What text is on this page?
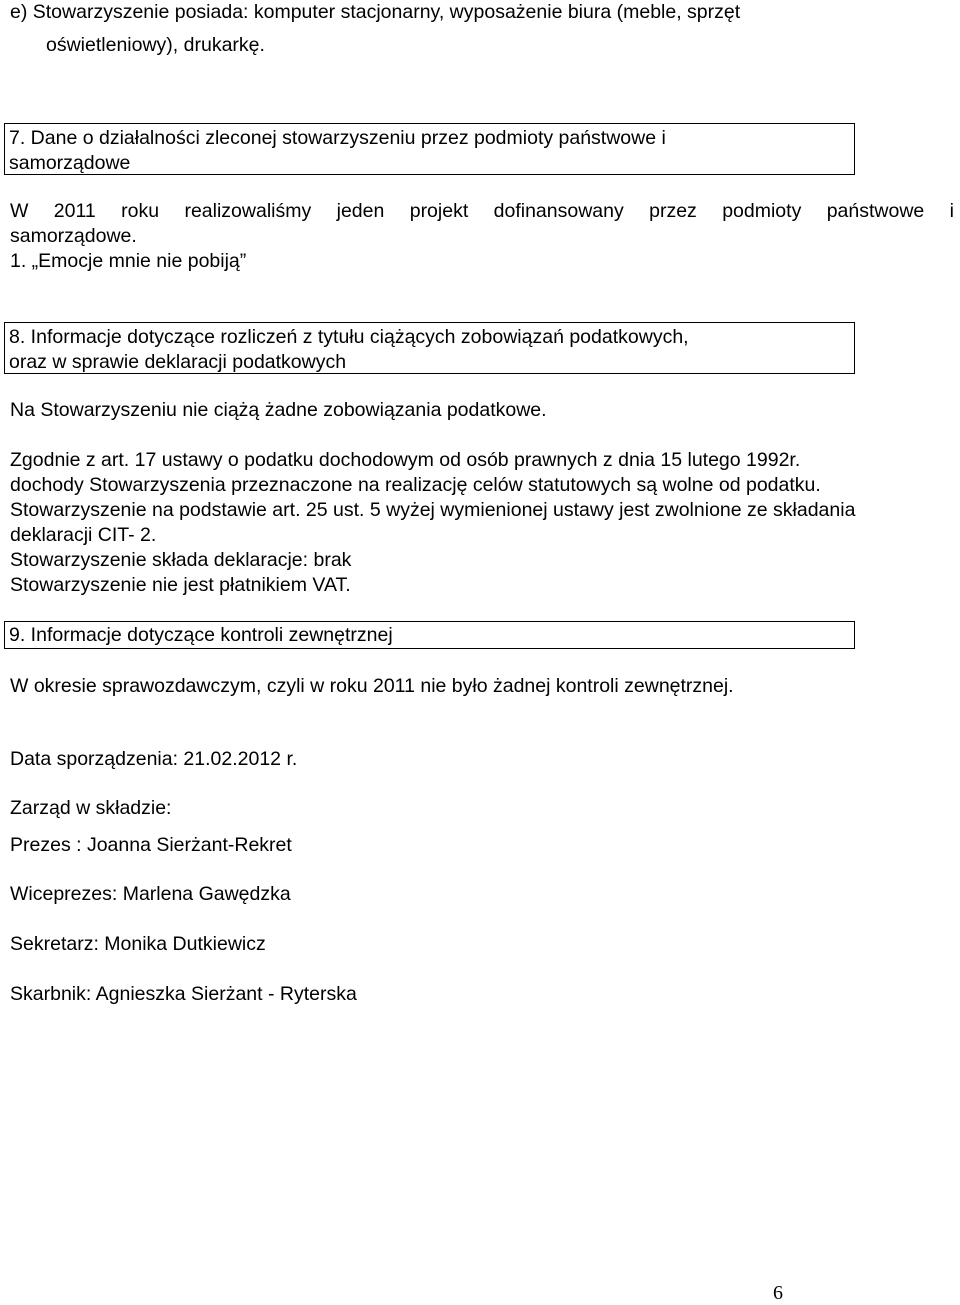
e) Stowarzyszenie posiada: komputer stacjonarny, wyposażenie biura (meble, sprzęt
oświetleniowy), drukarkę.
7. Dane o działalności zleconej stowarzyszeniu przez podmioty państwowe i
samorządowe
W 2011 roku realizowaliśmy jeden projekt dofinansowany przez podmioty państwowe i
samorządowe.
1. „Emocje mnie nie pobiją”
8. Informacje dotyczące rozliczeń z tytułu ciążących zobowiązań podatkowych,
oraz w sprawie deklaracji podatkowych
Na Stowarzyszeniu nie ciążą żadne zobowiązania podatkowe.
Zgodnie z art. 17 ustawy o podatku dochodowym od osób prawnych z dnia 15 lutego 1992r.
dochody Stowarzyszenia przeznaczone na realizację celów statutowych są wolne od podatku.
Stowarzyszenie na podstawie art. 25 ust. 5 wyżej wymienionej ustawy jest zwolnione ze składania
deklaracji CIT- 2.
Stowarzyszenie składa deklaracje: brak
Stowarzyszenie nie jest płatnikiem VAT.
9. Informacje dotyczące kontroli zewnętrznej
W okresie sprawozdawczym, czyli w roku 2011 nie było żadnej kontroli zewnętrznej.
Data sporządzenia: 21.02.2012 r.
Zarząd w składzie:
Prezes : Joanna Sierżant-Rekret
Wiceprezes: Marlena Gawędzka
Sekretarz: Monika Dutkiewicz
Skarbnik: Agnieszka Sierżant - Ryterska
6
